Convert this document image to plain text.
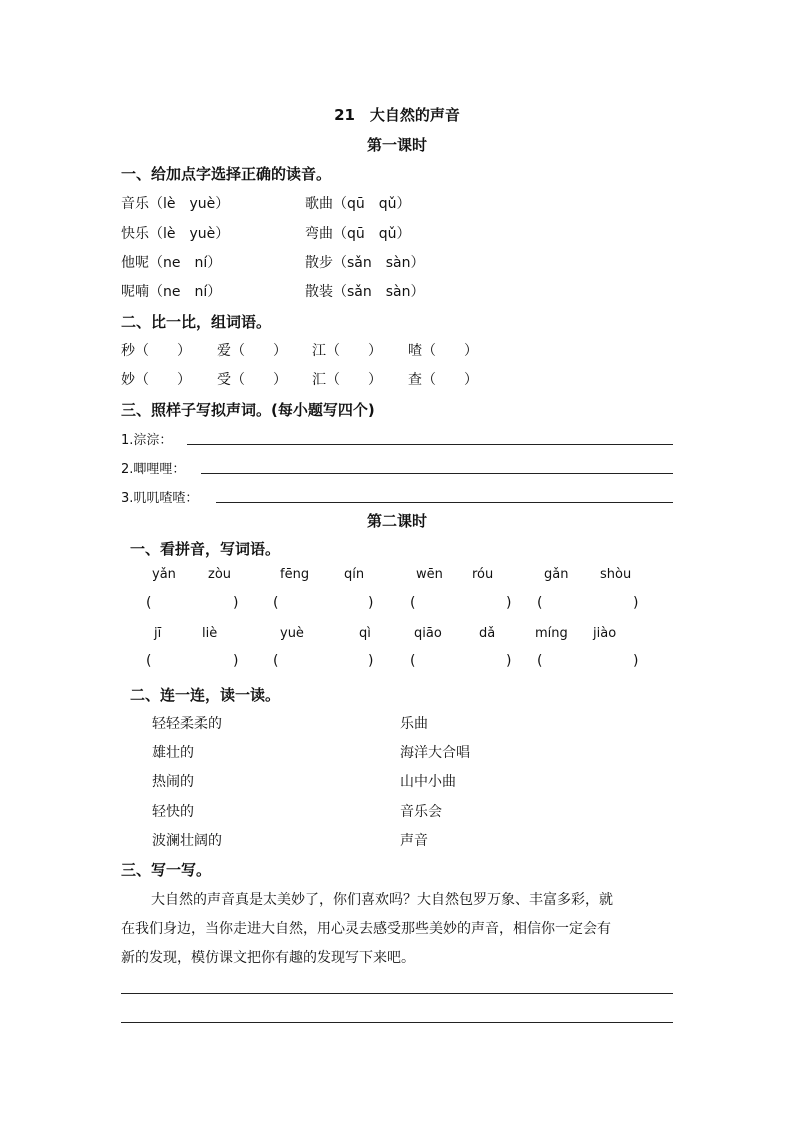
21　大自然的声音
第一课时
一、给加点字选择正确的读音。
音乐（lè　yuè）	歌曲（qū　qǔ）
快乐（lè　yuè）	弯曲（qū　qǔ）
他呢（ne　ní）	散步（sǎn　sàn）
呢喃（ne　ní）	散装（sǎn　sàn）
二、比一比，组词语。
秒（　　） 爱（　　） 江（　　） 喳（　　）
妙（　　） 受（　　） 汇（　　） 查（　　）
三、照样子写拟声词。(每小题写四个)
1.淙淙：
2.唧哩哩：
3.叽叽喳喳：
第二课时
一、看拼音，写词语。
yǎn zòu	fēng	qín	wēn róu	gǎn shòu
(	) (	)	(	) (	)
jī	liè	yuè	qì	qiāo	dǎ	míng jiào
(	) (	)	(	) (	)
二、连一连，读一读。
轻轻柔柔的	乐曲
雄壮的	海洋大合唱
热闹的	山中小曲
轻快的	音乐会
波澜壮阔的	声音
三、写一写。
大自然的声音真是太美妙了，你们喜欢吗？大自然包罗万象、丰富多彩，就
在我们身边，当你走进大自然，用心灵去感受那些美妙的声音，相信你一定会有
新的发现，模仿课文把你有趣的发现写下来吧。
